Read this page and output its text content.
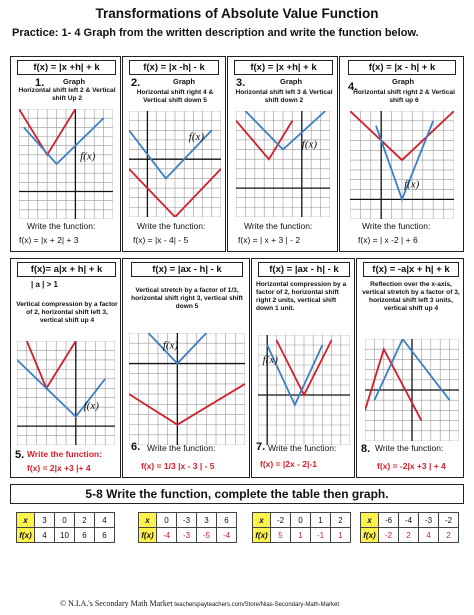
Transformations of Absolute Value Function
Practice: 1- 4 Graph from the written description and write the function below.
f(x) = |x +h| + k
1.	Graph
Horizontal shift left 2 & Vertical shift Up 2
f(x)
Write the function:
f(x) = |x + 2| + 3
f(x) = |x -h| - k
2.	Graph
Horizontal shift right 4 & Vertical shift down 5
f(x)
Write the function:
f(x) = |x - 4| - 5
f(x) = |x +h| + k
3.	Graph
Horizontal shift left 3 & Vertical shift down 2
f(x)
Write the function:
f(x) = | x + 3 | - 2
f(x) = |x - h| + k
4.	Graph
Horizontal shift right 2 & Vertical shift up 6
f(x)
Write the function:
f(x) = | x -2 | + 6
f(x)= a|x + h| + k
| a | > 1
Vertical compression by a factor of 2, horizontal shift left 3, vertical shift up 4
f(x)
5. Write the function:
f(x) = 2|x +3 |+ 4
f(x) = |ax - h| - k
Vertical stretch by a factor of 1/3, horizontal shift right 3, vertical shift down 5
f(x)
6. Write the function:
f(x) = 1/3 |x - 3 | - 5
f(x) = |ax - h| - k
Horizontal compression by a factor of 2, horizontal shift right 2 units, vertical shift down 1 unit.
f(x)
7. Write the function:
f(x) = |2x - 2|-1
f(x) = -a|x + h| + k
Reflection over the x-axis, vertical stretch by a factor of 3, horizontal shift left 3 units, vertical shift up 4
8. Write the function:
f(x) = -2|x +3 | + 4
5-8 Write the function, complete the table then graph.
x	3	0	2	4
f(x)	4	10	6	6
x	0	-3	3	6
f(x)	-4	-3	-5	-4
x	-2	0	1	2
f(x)	5	1	-1	1
x	-6	-4	-3	-2
f(x)	-2	2	4	2
© N.I.A.'s Secondary Math Market teacherspayteachers.com/Store/Nias-Secondary-Math-Market
